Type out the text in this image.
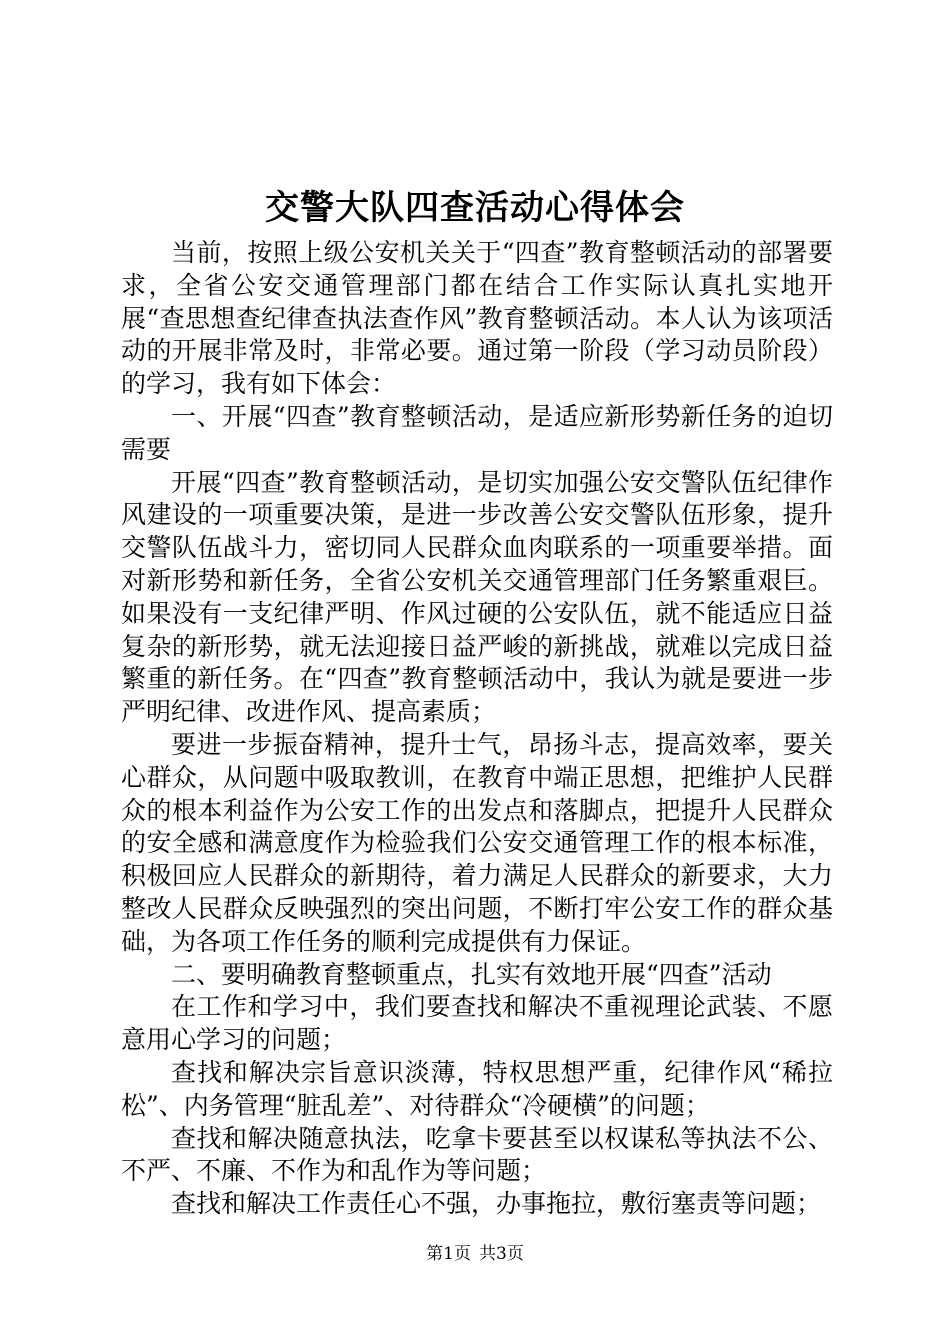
交警大队四查活动心得体会

当前，按照上级公安机关关于“四查”教育整顿活动的部署要求，全省公安交通管理部门都在结合工作实际认真扎实地开展“查思想查纪律查执法查作风”教育整顿活动。本人认为该项活动的开展非常及时，非常必要。通过第一阶段（学习动员阶段）的学习，我有如下体会：

一、开展“四查”教育整顿活动，是适应新形势新任务的迫切需要

开展“四查”教育整顿活动，是切实加强公安交警队伍纪律作风建设的一项重要决策，是进一步改善公安交警队伍形象，提升交警队伍战斗力，密切同人民群众血肉联系的一项重要举措。面对新形势和新任务，全省公安机关交通管理部门任务繁重艰巨。如果没有一支纪律严明、作风过硬的公安队伍，就不能适应日益复杂的新形势，就无法迎接日益严峻的新挑战，就难以完成日益繁重的新任务。在“四查”教育整顿活动中，我认为就是要进一步严明纪律、改进作风、提高素质；

要进一步振奋精神，提升士气，昂扬斗志，提高效率，要关心群众，从问题中吸取教训，在教育中端正思想，把维护人民群众的根本利益作为公安工作的出发点和落脚点，把提升人民群众的安全感和满意度作为检验我们公安交通管理工作的根本标准，积极回应人民群众的新期待，着力满足人民群众的新要求，大力整改人民群众反映强烈的突出问题，不断打牢公安工作的群众基础，为各项工作任务的顺利完成提供有力保证。

二、要明确教育整顿重点，扎实有效地开展“四查”活动

在工作和学习中，我们要查找和解决不重视理论武装、不愿意用心学习的问题；

查找和解决宗旨意识淡薄，特权思想严重，纪律作风“稀拉松”、内务管理“脏乱差”、对待群众“冷硬横”的问题；

查找和解决随意执法，吃拿卡要甚至以权谋私等执法不公、不严、不廉、不作为和乱作为等问题；

查找和解决工作责任心不强，办事拖拉，敷衍塞责等问题；

第1页 共3页
